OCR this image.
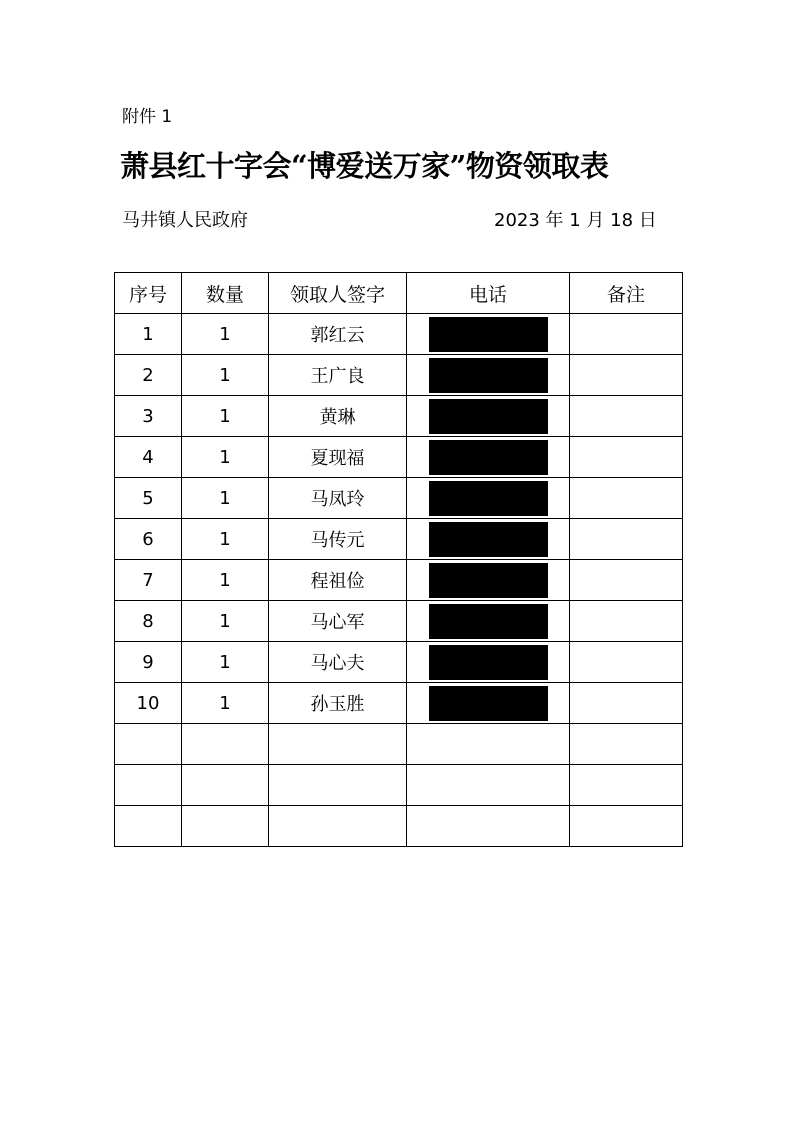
附件 1
萧县红十字会“博爱送万家”物资领取表
马井镇人民政府	2023 年 1 月 18 日
序号	数量	领取人签字	电话	备注
1	1	郭红云	

2	1	王广良	

3	1	黄琳	

4	1	夏现福	

5	1	马凤玲	

6	1	马传元	

7	1	程祖俭	

8	1	马心军	

9	1	马心夫	

10	1	孙玉胜	
